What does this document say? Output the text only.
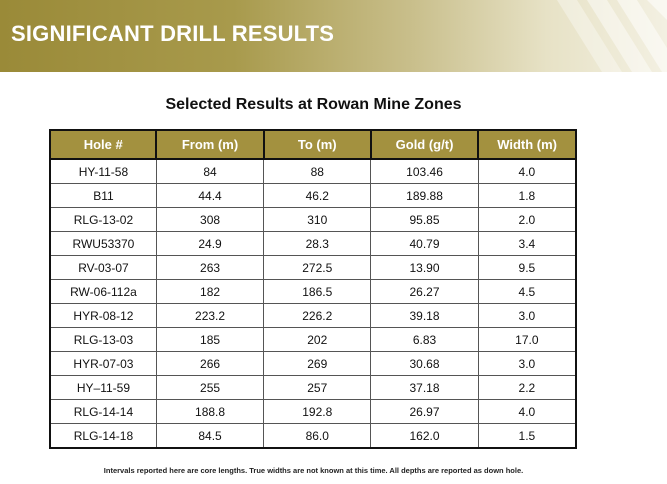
SIGNIFICANT DRILL RESULTS
Selected Results at Rowan Mine Zones
Hole #	From (m)	To (m)	Gold (g/t)	Width (m)
HY-11-58	84	88	103.46	4.0
B11	44.4	46.2	189.88	1.8
RLG-13-02	308	310	95.85	2.0
RWU53370	24.9	28.3	40.79	3.4
RV-03-07	263	272.5	13.90	9.5
RW-06-112a	182	186.5	26.27	4.5
HYR-08-12	223.2	226.2	39.18	3.0
RLG-13-03	185	202	6.83	17.0
HYR-07-03	266	269	30.68	3.0
HY–11-59	255	257	37.18	2.2
RLG-14-14	188.8	192.8	26.97	4.0
RLG-14-18	84.5	86.0	162.0	1.5
Intervals reported here are core lengths. True widths are not known at this time. All depths are reported as down hole.
